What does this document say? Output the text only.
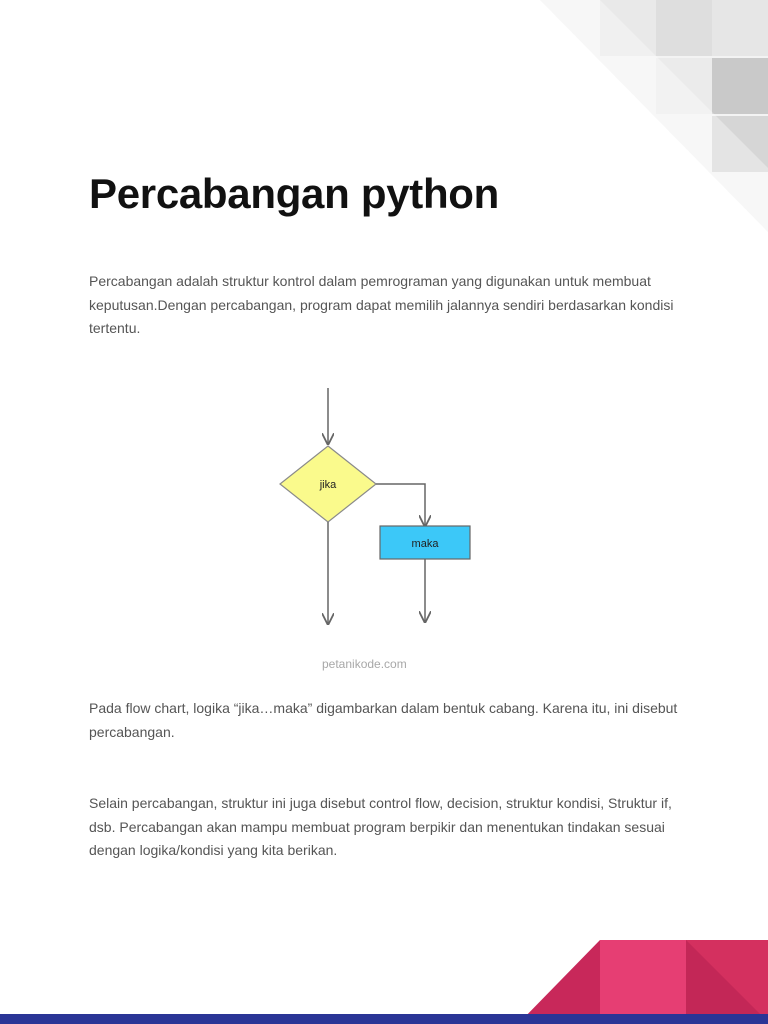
Percabangan python

Percabangan adalah struktur kontrol dalam pemrograman yang digunakan untuk membuat keputusan.Dengan percabangan, program dapat memilih jalannya sendiri berdasarkan kondisi tertentu.

jika
maka
petanikode.com

Pada flow chart, logika “jika…maka” digambarkan dalam bentuk cabang. Karena itu, ini disebut percabangan.

Selain percabangan, struktur ini juga disebut control flow, decision, struktur kondisi, Struktur if, dsb. Percabangan akan mampu membuat program berpikir dan menentukan tindakan sesuai dengan logika/kondisi yang kita berikan.
